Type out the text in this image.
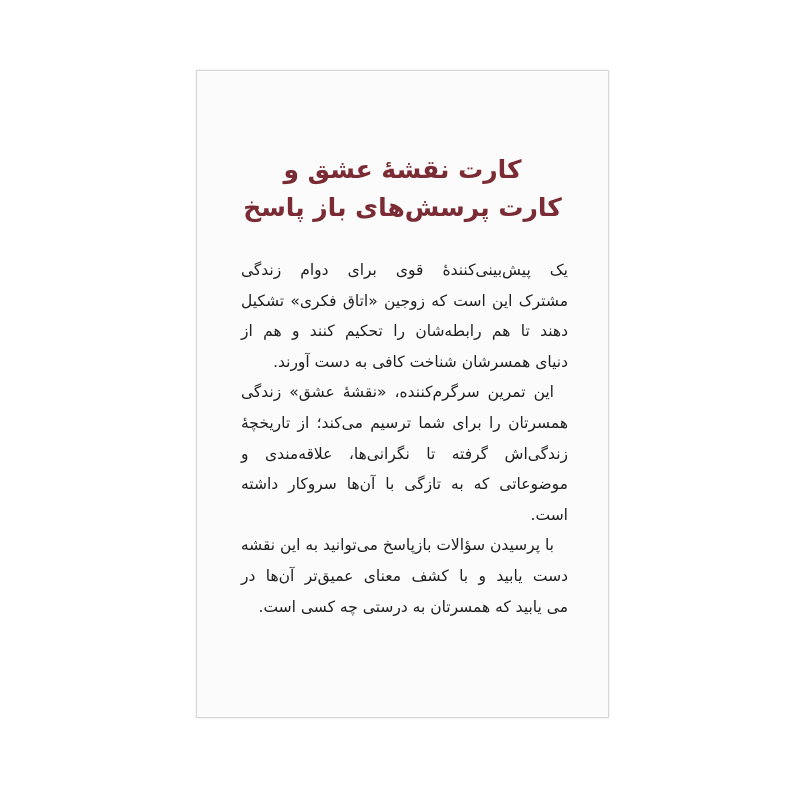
کارت نقشهٔ عشق و
کارت پرسش‌های باز پاسخ
یک پیش‌بینی‌کنندهٔ قوی برای دوام زندگی
مشترک این است که زوجین «اتاق فکری» تشکیل
دهند تا هم رابطه‌شان را تحکیم کنند و هم از
دنیای همسرشان شناخت کافی به دست آورند.
این تمرین سرگرم‌کننده، «نقشهٔ عشق» زندگی
همسرتان را برای شما ترسیم می‌کند؛ از تاریخچهٔ
زندگی‌اش گرفته تا نگرانی‌ها، علاقه‌مندی و
موضوعاتی که به تازگی با آن‌ها سروکار داشته
است.
با پرسیدن سؤالات بازپاسخ می‌توانید به این نقشه
دست یابید و با کشف معنای عمیق‌تر آن‌ها در
می یابید که همسرتان به درستی چه کسی است.
